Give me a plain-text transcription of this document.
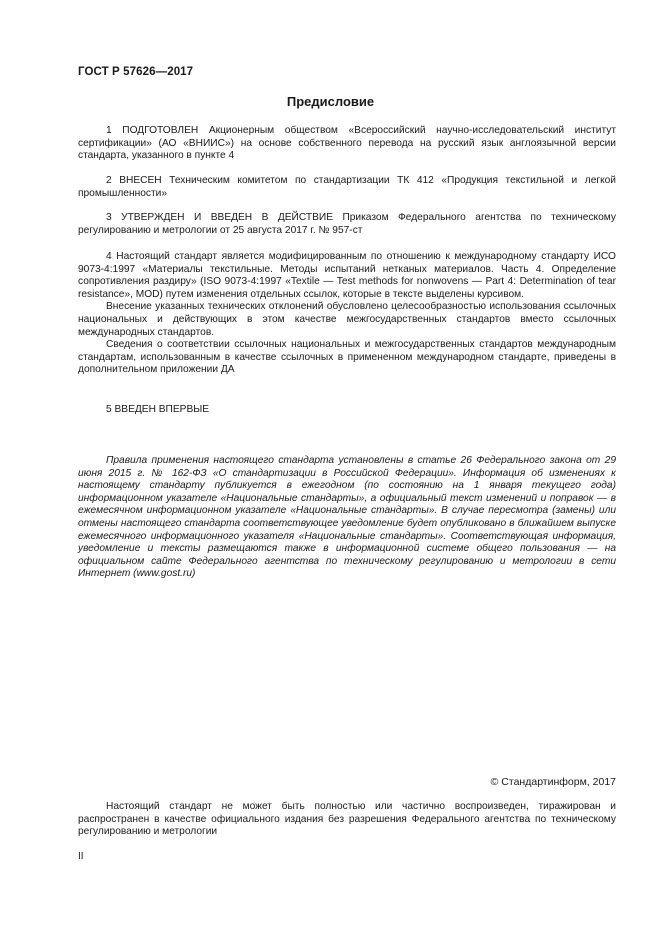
ГОСТ Р 57626—2017
Предисловие

1 ПОДГОТОВЛЕН Акционерным обществом «Всероссийский научно-исследовательский институт сертификации» (АО «ВНИИС») на основе собственного перевода на русский язык англоязычной версии стандарта, указанного в пункте 4

2 ВНЕСЕН Техническим комитетом по стандартизации ТК 412 «Продукция текстильной и легкой промышленности»

3 УТВЕРЖДЕН И ВВЕДЕН В ДЕЙСТВИЕ Приказом Федерального агентства по техническому регулированию и метрологии от 25 августа 2017 г. № 957-ст

4 Настоящий стандарт является модифицированным по отношению к международному стандарту ИСО 9073-4:1997 «Материалы текстильные. Методы испытаний нетканых материалов. Часть 4. Определение сопротивления раздиру» (ISO 9073-4:1997 «Textile — Test methods for nonwovens — Part 4: Determination of tear resistance», MOD) путем изменения отдельных ссылок, которые в тексте выделены курсивом.

Внесение указанных технических отклонений обусловлено целесообразностью использования ссылочных национальных и действующих в этом качестве межгосударственных стандартов вместо ссылочных международных стандартов.

Сведения о соответствии ссылочных национальных и межгосударственных стандартов международным стандартам, использованным в качестве ссылочных в примененном международном стандарте, приведены в дополнительном приложении ДА

5 ВВЕДЕН ВПЕРВЫЕ

Правила применения настоящего стандарта установлены в статье 26 Федерального закона от 29 июня 2015 г. № 162-ФЗ «О стандартизации в Российской Федерации». Информация об изменениях к настоящему стандарту публикуется в ежегодном (по состоянию на 1 января текущего года) информационном указателе «Национальные стандарты», а официальный текст изменений и поправок — в ежемесячном информационном указателе «Национальные стандарты». В случае пересмотра (замены) или отмены настоящего стандарта соответствующее уведомление будет опубликовано в ближайшем выпуске ежемесячного информационного указателя «Национальные стандарты». Соответствующая информация, уведомление и тексты размещаются также в информационной системе общего пользования — на официальном сайте Федерального агентства по техническому регулированию и метрологии в сети Интернет (www.gost.ru)

© Стандартинформ, 2017

Настоящий стандарт не может быть полностью или частично воспроизведен, тиражирован и распространен в качестве официального издания без разрешения Федерального агентства по техническому регулированию и метрологии

II
